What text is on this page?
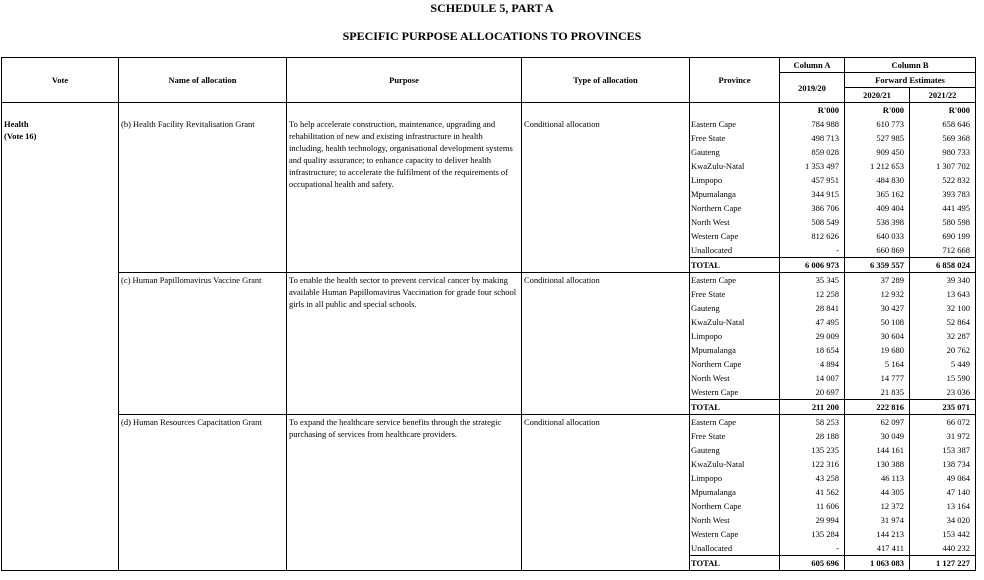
SCHEDULE 5, PART A
SPECIFIC PURPOSE ALLOCATIONS TO PROVINCES
Vote	Name of allocation	Purpose	Type of allocation	Province	Column A	Column B	
					2019/20	Forward Estimates	
						2020/21	2021/22
					R'000	R'000	R'000

Health
(Vote 16)	(b) Health Facility Revitalisation Grant	To help accelerate construction, maintenance, upgrading and rehabilitation of new and existing infrastructure in health including, health technology, organisational development systems and quality assurance; to enhance capacity to deliver health infrastructure; to accelerate the fulfilment of the requirements of occupational health and safety.	Conditional allocation	Eastern Cape	784 988	610 773	658 646
				Free State	498 713	527 985	569 368
				Gauteng	859 028	909 450	980 733
				KwaZulu-Natal	1 353 497	1 212 653	1 307 702
				Limpopo	457 951	484 830	522 832
				Mpumalanga	344 915	365 162	393 783
				Northern Cape	386 706	409 404	441 495
				North West	508 549	538 398	580 598
				Western Cape	812 626	640 033	690 199
				Unallocated	-	660 869	712 668
				TOTAL	6 006 973	6 359 557	6 858 024
	(c) Human Papillomavirus Vaccine Grant	To enable the health sector to prevent cervical cancer by making available Human Papillomavirus Vaccination for grade four school girls in all public and special schools.	Conditional allocation	Eastern Cape	35 345	37 289	39 340
				Free State	12 258	12 932	13 643
				Gauteng	28 841	30 427	32 100
				KwaZulu-Natal	47 495	50 108	52 864
				Limpopo	29 009	30 604	32 287
				Mpumalanga	18 654	19 680	20 762
				Northern Cape	4 894	5 164	5 449
				North West	14 007	14 777	15 590
				Western Cape	20 697	21 835	23 036
				TOTAL	211 200	222 816	235 071
	(d) Human Resources Capacitation Grant	To expand the healthcare service benefits through the strategic purchasing of services from healthcare providers.	Conditional allocation	Eastern Cape	58 253	62 097	66 072
				Free State	28 188	30 049	31 972
				Gauteng	135 235	144 161	153 387
				KwaZulu-Natal	122 316	130 388	138 734
				Limpopo	43 258	46 113	49 064
				Mpumalanga	41 562	44 305	47 140
				Northern Cape	11 606	12 372	13 164
				North West	29 994	31 974	34 020
				Western Cape	135 284	144 213	153 442
				Unallocated	-	417 411	440 232
				TOTAL	605 696	1 063 083	1 127 227
